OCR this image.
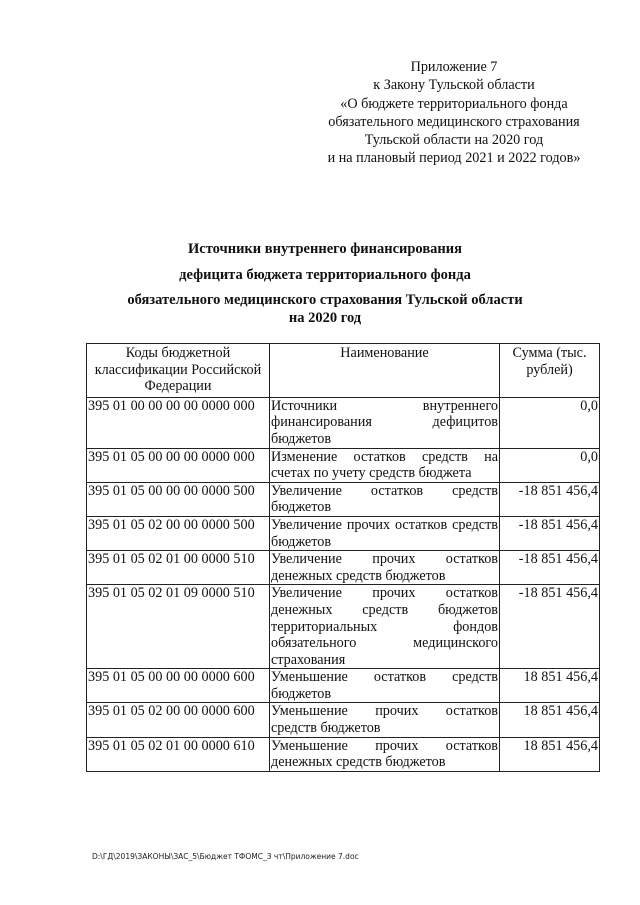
Приложение 7
к Закону Тульской области
«О бюджете территориального фонда
обязательного медицинского страхования
Тульской области на 2020 год
и на плановый период 2021 и 2022 годов»
Источники внутреннего финансирования
дефицита бюджета территориального фонда
обязательного медицинского страхования Тульской области
на 2020 год
Коды бюджетной классификации Российской Федерации	Наименование	Сумма (тыс. рублей)
395 01 00 00 00 00 0000 000	Источники внутреннего финансирования дефицитов бюджетов	0,0
395 01 05 00 00 00 0000 000	Изменение остатков средств на счетах по учету средств бюджета	0,0
395 01 05 00 00 00 0000 500	Увеличение остатков средств бюджетов	-18 851 456,4
395 01 05 02 00 00 0000 500	Увеличение прочих остатков средств бюджетов	-18 851 456,4
395 01 05 02 01 00 0000 510	Увеличение прочих остатков денежных средств бюджетов	-18 851 456,4
395 01 05 02 01 09 0000 510	Увеличение прочих остатков денежных средств бюджетов территориальных фондов обязательного медицинского страхования	-18 851 456,4
395 01 05 00 00 00 0000 600	Уменьшение остатков средств бюджетов	18 851 456,4
395 01 05 02 00 00 0000 600	Уменьшение прочих остатков средств бюджетов	18 851 456,4
395 01 05 02 01 00 0000 610	Уменьшение прочих остатков денежных средств бюджетов	18 851 456,4
D:\ГД\2019\ЗАКОНЫ\ЗАС_5\Бюджет ТФОМС_3 чт\Приложение 7.doc
